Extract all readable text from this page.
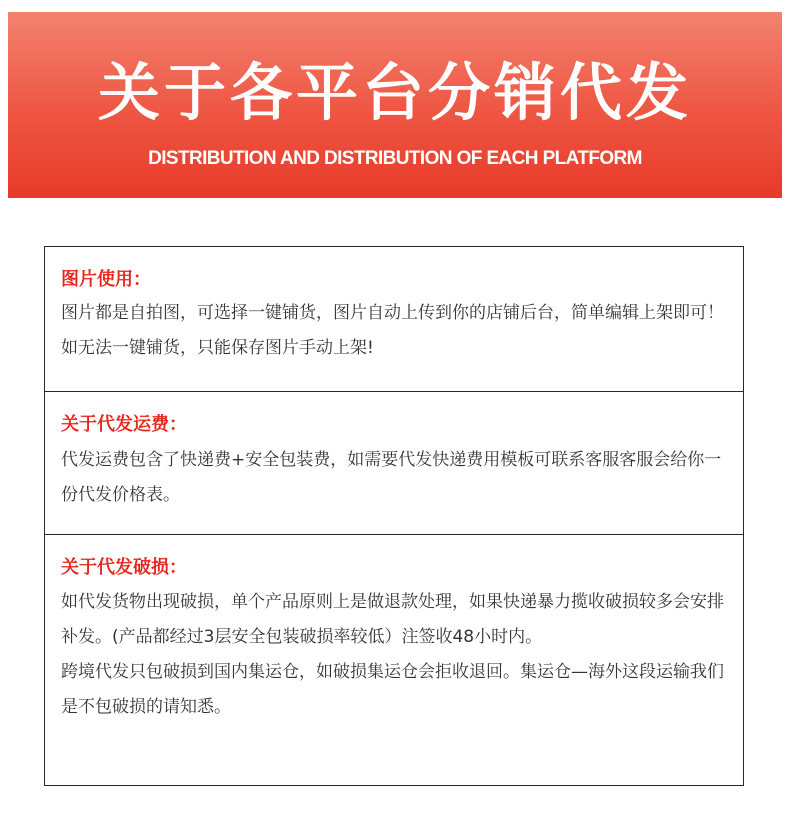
关于各平台分销代发
DISTRIBUTION AND DISTRIBUTION OF EACH PLATFORM
图片使用：

图片都是自拍图，可选择一键铺货，图片自动上传到你的店铺后台，简单编辑上架即可！如无法一键铺货，只能保存图片手动上架!

关于代发运费：

代发运费包含了快递费+安全包装费，如需要代发快递费用模板可联系客服客服会给你一份代发价格表。

关于代发破损：

如代发货物出现破损，单个产品原则上是做退款处理，如果快递暴力揽收破损较多会安排补发。(产品都经过3层安全包装破损率较低）注签收48小时内。

跨境代发只包破损到国内集运仓，如破损集运仓会拒收退回。集运仓—海外这段运输我们是不包破损的请知悉。
